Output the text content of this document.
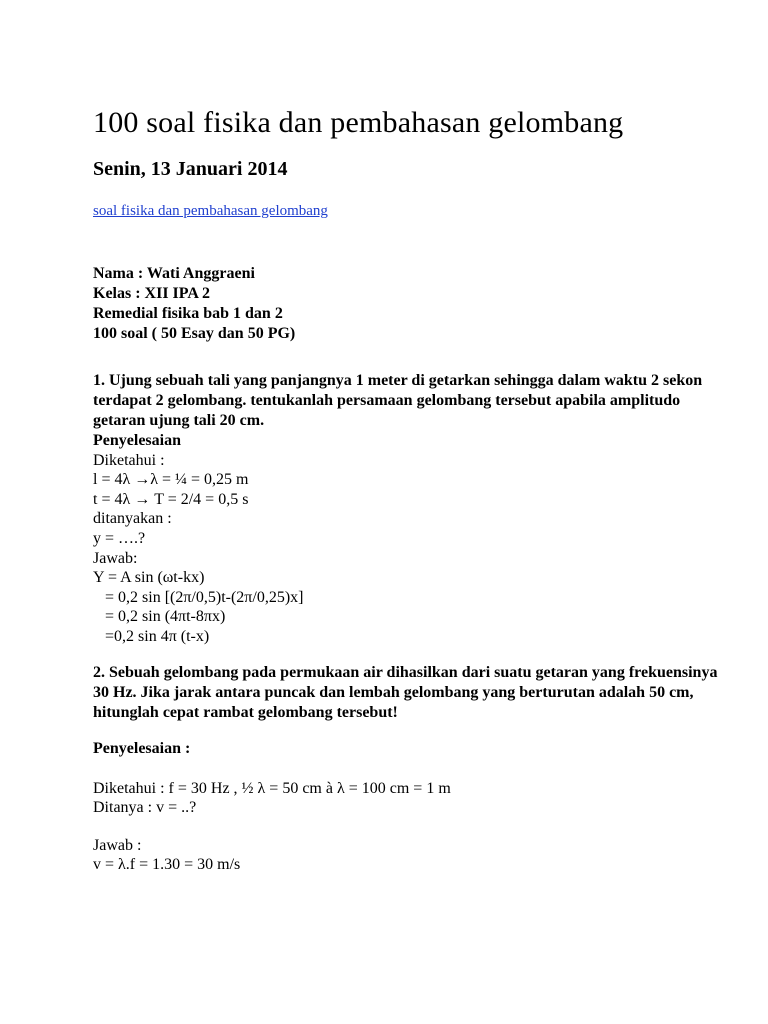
100 soal fisika dan pembahasan gelombang
Senin, 13 Januari 2014
soal fisika dan pembahasan gelombang
Nama : Wati Anggraeni
Kelas : XII IPA 2
Remedial fisika bab 1 dan 2
100 soal ( 50 Esay dan 50 PG)
1. Ujung sebuah tali yang panjangnya 1 meter di getarkan sehingga dalam waktu 2 sekon terdapat 2 gelombang. tentukanlah persamaan gelombang tersebut apabila amplitudo getaran ujung tali 20 cm.
Penyelesaian
Diketahui :
l = 4λ →λ = ¼ = 0,25 m
t = 4λ → T = 2/4 = 0,5 s
ditanyakan :
y = ….?
Jawab:
Y = A sin (ωt-kx)
= 0,2 sin [(2π/0,5)t-(2π/0,25)x]
= 0,2 sin (4πt-8πx)
=0,2 sin 4π (t-x)
2. Sebuah gelombang pada permukaan air dihasilkan dari suatu getaran yang frekuensinya 30 Hz. Jika jarak antara puncak dan lembah gelombang yang berturutan adalah 50 cm, hitunglah cepat rambat gelombang tersebut!
Penyelesaian :
Diketahui : f = 30 Hz , ½ λ = 50 cm à λ = 100 cm = 1 m
Ditanya : v = ..?
Jawab :
v = λ.f = 1.30 = 30 m/s
